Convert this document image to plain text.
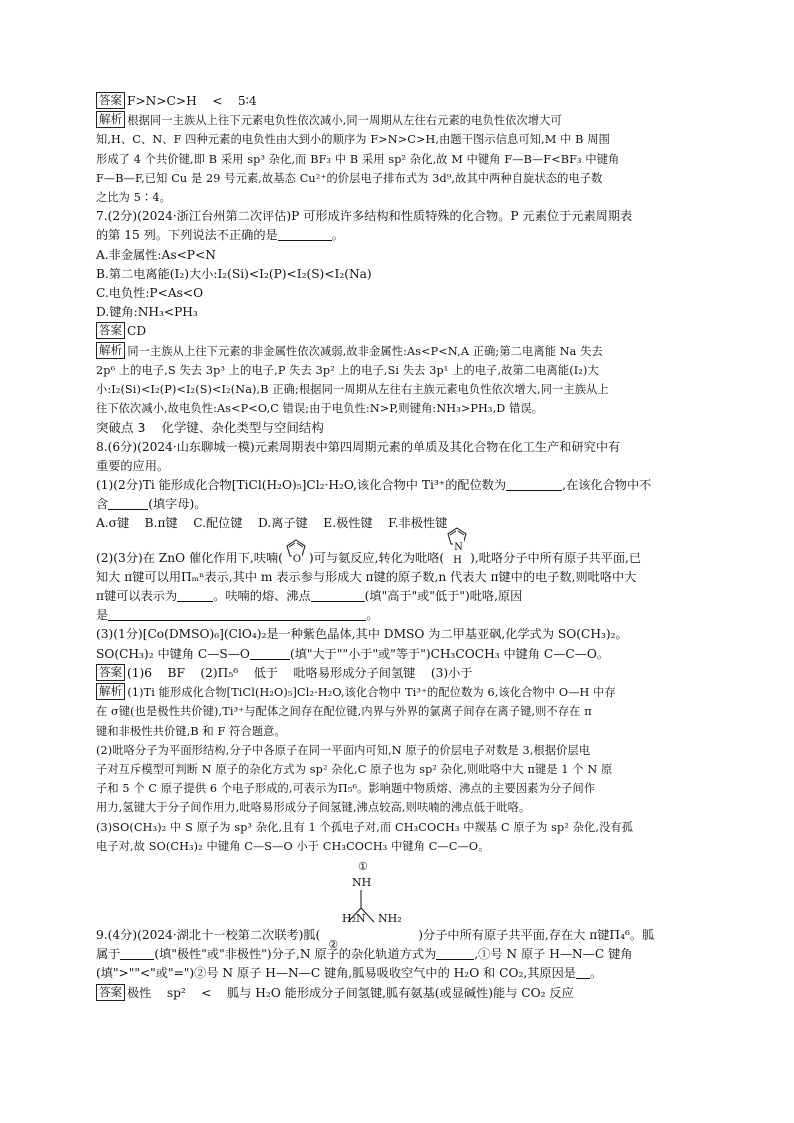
答案 F>N>C>H    <    5∶4
解析 根据同一主族从上往下元素电负性依次减小,同一周期从左往右元素的电负性依次增大可
知,H、C、N、F 四种元素的电负性由大到小的顺序为 F>N>C>H,由题干图示信息可知,M 中 B 周围
形成了 4 个共价键,即 B 采用 sp³ 杂化,而 BF₃ 中 B 采用 sp² 杂化,故 M 中键角 F—B—F<BF₃ 中键角
F—B—F,已知 Cu 是 29 号元素,故基态 Cu²⁺的价层电子排布式为 3d⁹,故其中两种自旋状态的电子数
之比为 5∶4。
7.(2分)(2024·浙江台州第二次评估)P 可形成许多结构和性质特殊的化合物。P 元素位于元素周期表
的第 15 列。下列说法不正确的是	。
A.非金属性:As<P<N
B.第二电离能(I₂)大小:I₂(Si)<I₂(P)<I₂(S)<I₂(Na)
C.电负性:P<As<O
D.键角:NH₃<PH₃
答案 CD
解析 同一主族从上往下元素的非金属性依次减弱,故非金属性:As<P<N,A 正确;第二电离能 Na 失去
2p⁶ 上的电子,S 失去 3p³ 上的电子,P 失去 3p² 上的电子,Si 失去 3p¹ 上的电子,故第二电离能(I₂)大
小:I₂(Si)<I₂(P)<I₂(S)<I₂(Na),B 正确;根据同一周期从左往右主族元素电负性依次增大,同一主族从上
往下依次减小,故电负性:As<P<O,C 错误;由于电负性:N>P,则键角:NH₃>PH₃,D 错误。
突破点 3    化学键、杂化类型与空间结构
8.(6分)(2024·山东聊城一模)元素周期表中第四周期元素的单质及其化合物在化工生产和研究中有
重要的应用。
(1)(2分)Ti 能形成化合物[TiCl(H₂O)₅]Cl₂·H₂O,该化合物中 Ti³⁺的配位数为	,在该化合物中不
含	(填字母)。
A.σ键    B.π键    C.配位键    D.离子键    E.极性键    F.非极性键
(2)(3分)在 ZnO 催化作用下,呋喃( O )可与氨反应,转化为吡咯(
N
H ),吡咯分子中所有原子共平面,已
知大 π键可以用Πₘⁿ表示,其中 m 表示参与形成大 π键的原子数,n 代表大 π键中的电子数,则吡咯中大
π键可以表示为	。呋喃的熔、沸点	(填"高于"或"低于")吡咯,原因
是	。
(3)(1分)[Co(DMSO)₆](ClO₄)₂是一种紫色晶体,其中 DMSO 为二甲基亚砜,化学式为 SO(CH₃)₂。
SO(CH₃)₂ 中键角 C—S—O	(填"大于""小于"或"等于")CH₃COCH₃ 中键角 C—C—O。
答案 (1)6    BF    (2)Π₅⁶    低于    吡咯易形成分子间氢键    (3)小于
解析 (1)Ti 能形成化合物[TiCl(H₂O)₅]Cl₂·H₂O,该化合物中 Ti³⁺的配位数为 6,该化合物中 O—H 中存
在 σ键(也是极性共价键),Ti³⁺与配体之间存在配位键,内界与外界的氯离子间存在离子键,则不存在 π
键和非极性共价键,B 和 F 符合题意。
(2)吡咯分子为平面形结构,分子中各原子在同一平面内可知,N 原子的价层电子对数是 3,根据价层电
子对互斥模型可判断 N 原子的杂化方式为 sp² 杂化,C 原子也为 sp² 杂化,则吡咯中大 π键是 1 个 N 原
子和 5 个 C 原子提供 6 个电子形成的,可表示为Π₅⁶。影响题中物质熔、沸点的主要因素为分子间作
用力,氢键大于分子间作用力,吡咯易形成分子间氢键,沸点较高,则呋喃的沸点低于吡咯。
(3)SO(CH₃)₂ 中 S 原子为 sp³ 杂化,且有 1 个孤电子对,而 CH₃COCH₃ 中羰基 C 原子为 sp² 杂化,没有孤
电子对,故 SO(CH₃)₂ 中键角 C—S—O 小于 CH₃COCH₃ 中键角 C—C—O。
①
NH
H₂N NH₂
9.(4分)(2024·湖北十一校第二次联考)胍(
②
)分子中所有原子共平面,存在大 π键Π₄⁶。胍
属于	(填"极性"或"非极性")分子,N 原子的杂化轨道方式为	,①号 N 原子 H—N—C 键角
(填">""<"或"=")②号 N 原子 H—N—C 键角,胍易吸收空气中的 H₂O 和 CO₂,其原因是 。
答案 极性    sp²    <    胍与 H₂O 能形成分子间氢键,胍有氨基(或显碱性)能与 CO₂ 反应
